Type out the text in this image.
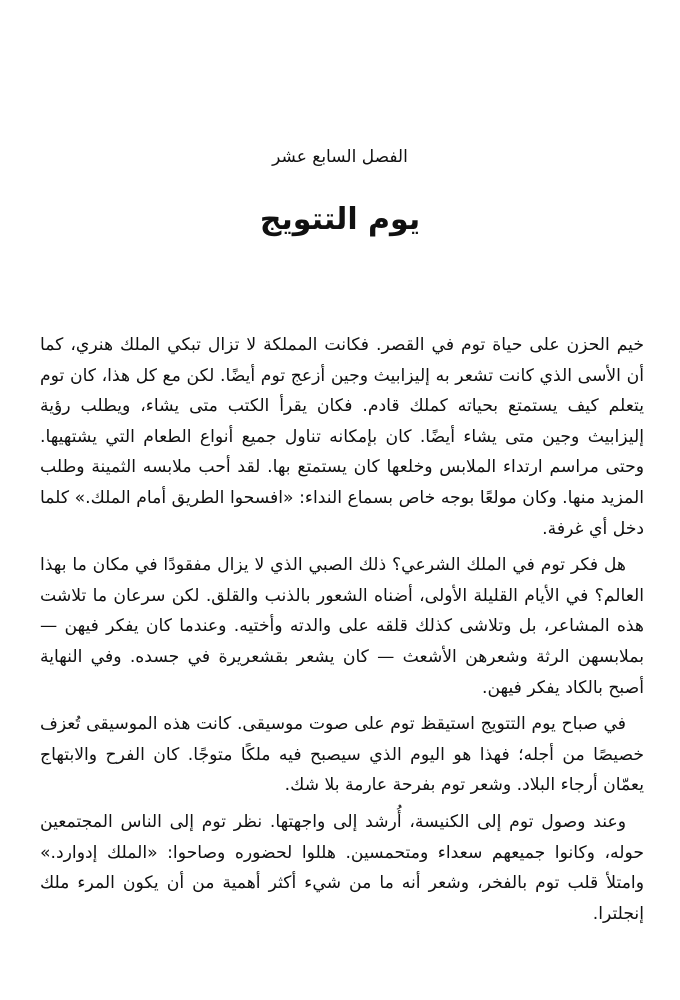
الفصل السابع عشر
يوم التتويج

خيم الحزن على حياة توم في القصر. فكانت المملكة لا تزال تبكي الملك هنري، كما أن الأسى الذي كانت تشعر به إليزابيث وجين أزعج توم أيضًا. لكن مع كل هذا، كان توم يتعلم كيف يستمتع بحياته كملك قادم. فكان يقرأ الكتب متى يشاء، ويطلب رؤية إليزابيث وجين متى يشاء أيضًا. كان بإمكانه تناول جميع أنواع الطعام التي يشتهيها. وحتى مراسم ارتداء الملابس وخلعها كان يستمتع بها. لقد أحب ملابسه الثمينة وطلب المزيد منها. وكان مولعًا بوجه خاص بسماع النداء: «افسحوا الطريق أمام الملك.» كلما دخل أي غرفة.

هل فكر توم في الملك الشرعي؟ ذلك الصبي الذي لا يزال مفقودًا في مكان ما بهذا العالم؟ في الأيام القليلة الأولى، أضناه الشعور بالذنب والقلق. لكن سرعان ما تلاشت هذه المشاعر، بل وتلاشى كذلك قلقه على والدته وأختيه. وعندما كان يفكر فيهن — بملابسهن الرثة وشعرهن الأشعث — كان يشعر بقشعريرة في جسده. وفي النهاية أصبح بالكاد يفكر فيهن.

في صباح يوم التتويج استيقظ توم على صوت موسيقى. كانت هذه الموسيقى تُعزف خصيصًا من أجله؛ فهذا هو اليوم الذي سيصبح فيه ملكًا متوجًا. كان الفرح والابتهاج يعمّان أرجاء البلاد. وشعر توم بفرحة عارمة بلا شك.

وعند وصول توم إلى الكنيسة، أُرشد إلى واجهتها. نظر توم إلى الناس المجتمعين حوله، وكانوا جميعهم سعداء ومتحمسين. هللوا لحضوره وصاحوا: «الملك إدوارد.» وامتلأ قلب توم بالفخر، وشعر أنه ما من شيء أكثر أهمية من أن يكون المرء ملك إنجلترا.
